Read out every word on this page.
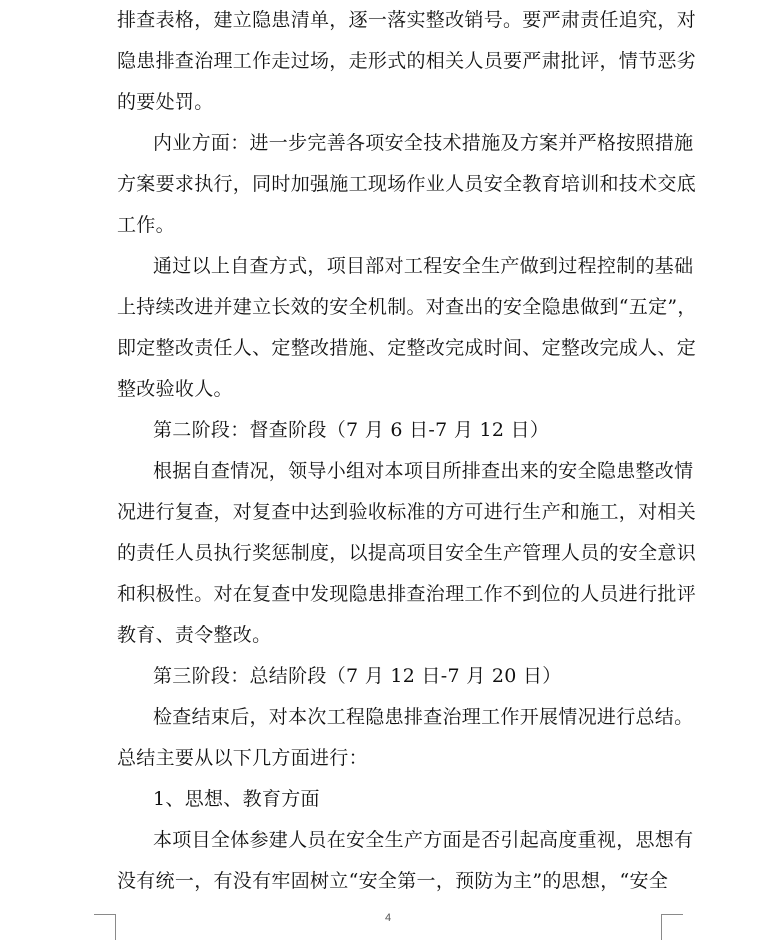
排查表格，建立隐患清单，逐一落实整改销号。要严肃责任追究，对
隐患排查治理工作走过场，走形式的相关人员要严肃批评，情节恶劣
的要处罚。
内业方面：进一步完善各项安全技术措施及方案并严格按照措施
方案要求执行，同时加强施工现场作业人员安全教育培训和技术交底
工作。
通过以上自查方式，项目部对工程安全生产做到过程控制的基础
上持续改进并建立长效的安全机制。对查出的安全隐患做到“五定”，
即定整改责任人、定整改措施、定整改完成时间、定整改完成人、定
整改验收人。
第二阶段：督查阶段（7 月 6 日-7 月 12 日）
根据自查情况，领导小组对本项目所排查出来的安全隐患整改情
况进行复查，对复查中达到验收标准的方可进行生产和施工，对相关
的责任人员执行奖惩制度，以提高项目安全生产管理人员的安全意识
和积极性。对在复查中发现隐患排查治理工作不到位的人员进行批评
教育、责令整改。
第三阶段：总结阶段（7 月 12 日-7 月 20 日）
检查结束后，对本次工程隐患排查治理工作开展情况进行总结。
总结主要从以下几方面进行：
1、思想、教育方面
本项目全体参建人员在安全生产方面是否引起高度重视，思想有
没有统一，有没有牢固树立“安全第一，预防为主”的思想，“安全
4
